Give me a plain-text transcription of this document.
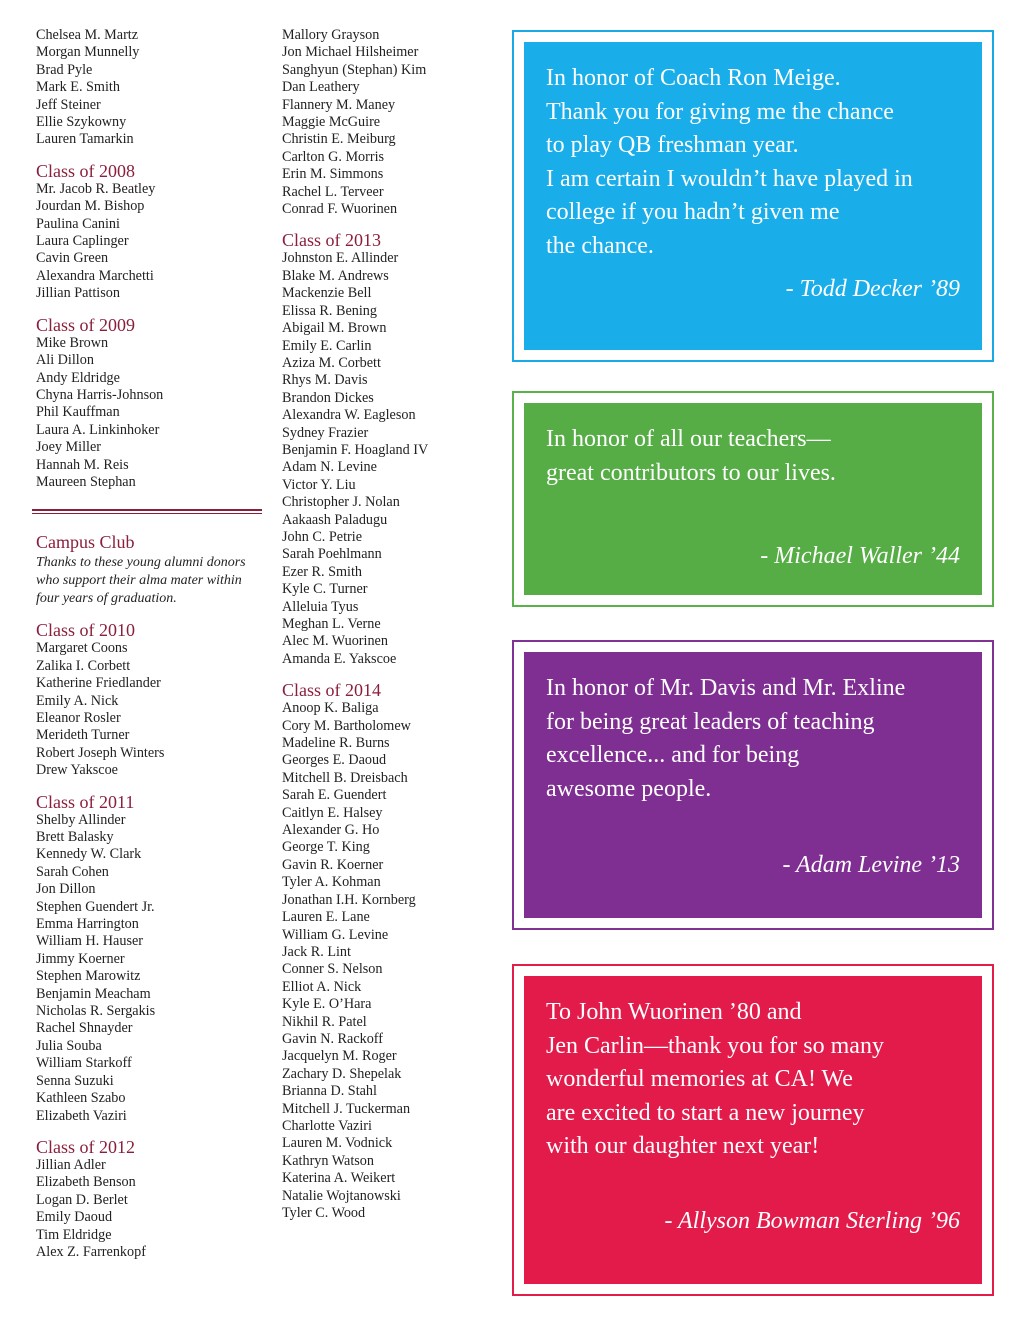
Chelsea M. Martz
Morgan Munnelly
Brad Pyle
Mark E. Smith
Jeff Steiner
Ellie Szykowny
Lauren Tamarkin
Class of 2008
Mr. Jacob R. Beatley
Jourdan M. Bishop
Paulina Canini
Laura Caplinger
Cavin Green
Alexandra Marchetti
Jillian Pattison
Class of 2009
Mike Brown
Ali Dillon
Andy Eldridge
Chyna Harris-Johnson
Phil Kauffman
Laura A. Linkinhoker
Joey Miller
Hannah M. Reis
Maureen Stephan
Campus Club
Thanks to these young alumni donors who support their alma mater within four years of graduation.
Class of 2010
Margaret Coons
Zalika I. Corbett
Katherine Friedlander
Emily A. Nick
Eleanor Rosler
Merideth Turner
Robert Joseph Winters
Drew Yakscoe
Class of 2011
Shelby Allinder
Brett Balasky
Kennedy W. Clark
Sarah Cohen
Jon Dillon
Stephen Guendert Jr.
Emma Harrington
William H. Hauser
Jimmy Koerner
Stephen Marowitz
Benjamin Meacham
Nicholas R. Sergakis
Rachel Shnayder
Julia Souba
William Starkoff
Senna Suzuki
Kathleen Szabo
Elizabeth Vaziri
Class of 2012
Jillian Adler
Elizabeth Benson
Logan D. Berlet
Emily Daoud
Tim Eldridge
Alex Z. Farrenkopf
Mallory Grayson
Jon Michael Hilsheimer
Sanghyun (Stephan) Kim
Dan Leathery
Flannery M. Maney
Maggie McGuire
Christin E. Meiburg
Carlton G. Morris
Erin M. Simmons
Rachel L. Terveer
Conrad F. Wuorinen
Class of 2013
Johnston E. Allinder
Blake M. Andrews
Mackenzie Bell
Elissa R. Bening
Abigail M. Brown
Emily E. Carlin
Aziza M. Corbett
Rhys M. Davis
Brandon Dickes
Alexandra W. Eagleson
Sydney Frazier
Benjamin F. Hoagland IV
Adam N. Levine
Victor Y. Liu
Christopher J. Nolan
Aakaash Paladugu
John C. Petrie
Sarah Poehlmann
Ezer R. Smith
Kyle C. Turner
Alleluia Tyus
Meghan L. Verne
Alec M. Wuorinen
Amanda E. Yakscoe
Class of 2014
Anoop K. Baliga
Cory M. Bartholomew
Madeline R. Burns
Georges E. Daoud
Mitchell B. Dreisbach
Sarah E. Guendert
Caitlyn E. Halsey
Alexander G. Ho
George T. King
Gavin R. Koerner
Tyler A. Kohman
Jonathan I.H. Kornberg
Lauren E. Lane
William G. Levine
Jack R. Lint
Conner S. Nelson
Elliot A. Nick
Kyle E. O’Hara
Nikhil R. Patel
Gavin N. Rackoff
Jacquelyn M. Roger
Zachary D. Shepelak
Brianna D. Stahl
Mitchell J. Tuckerman
Charlotte Vaziri
Lauren M. Vodnick
Kathryn Watson
Katerina A. Weikert
Natalie Wojtanowski
Tyler C. Wood

In honor of Coach Ron Meige.
Thank you for giving me the chance
to play QB freshman year.
I am certain I wouldn’t have played in
college if you hadn’t given me
the chance.

- Todd Decker ’89

In honor of all our teachers—
great contributors to our lives.

- Michael Waller ’44

In honor of Mr. Davis and Mr. Exline
for being great leaders of teaching
excellence... and for being
awesome people.

- Adam Levine ’13

To John Wuorinen ’80 and
Jen Carlin—thank you for so many
wonderful memories at CA! We
are excited to start a new journey
with our daughter next year!

- Allyson Bowman Sterling ’96
